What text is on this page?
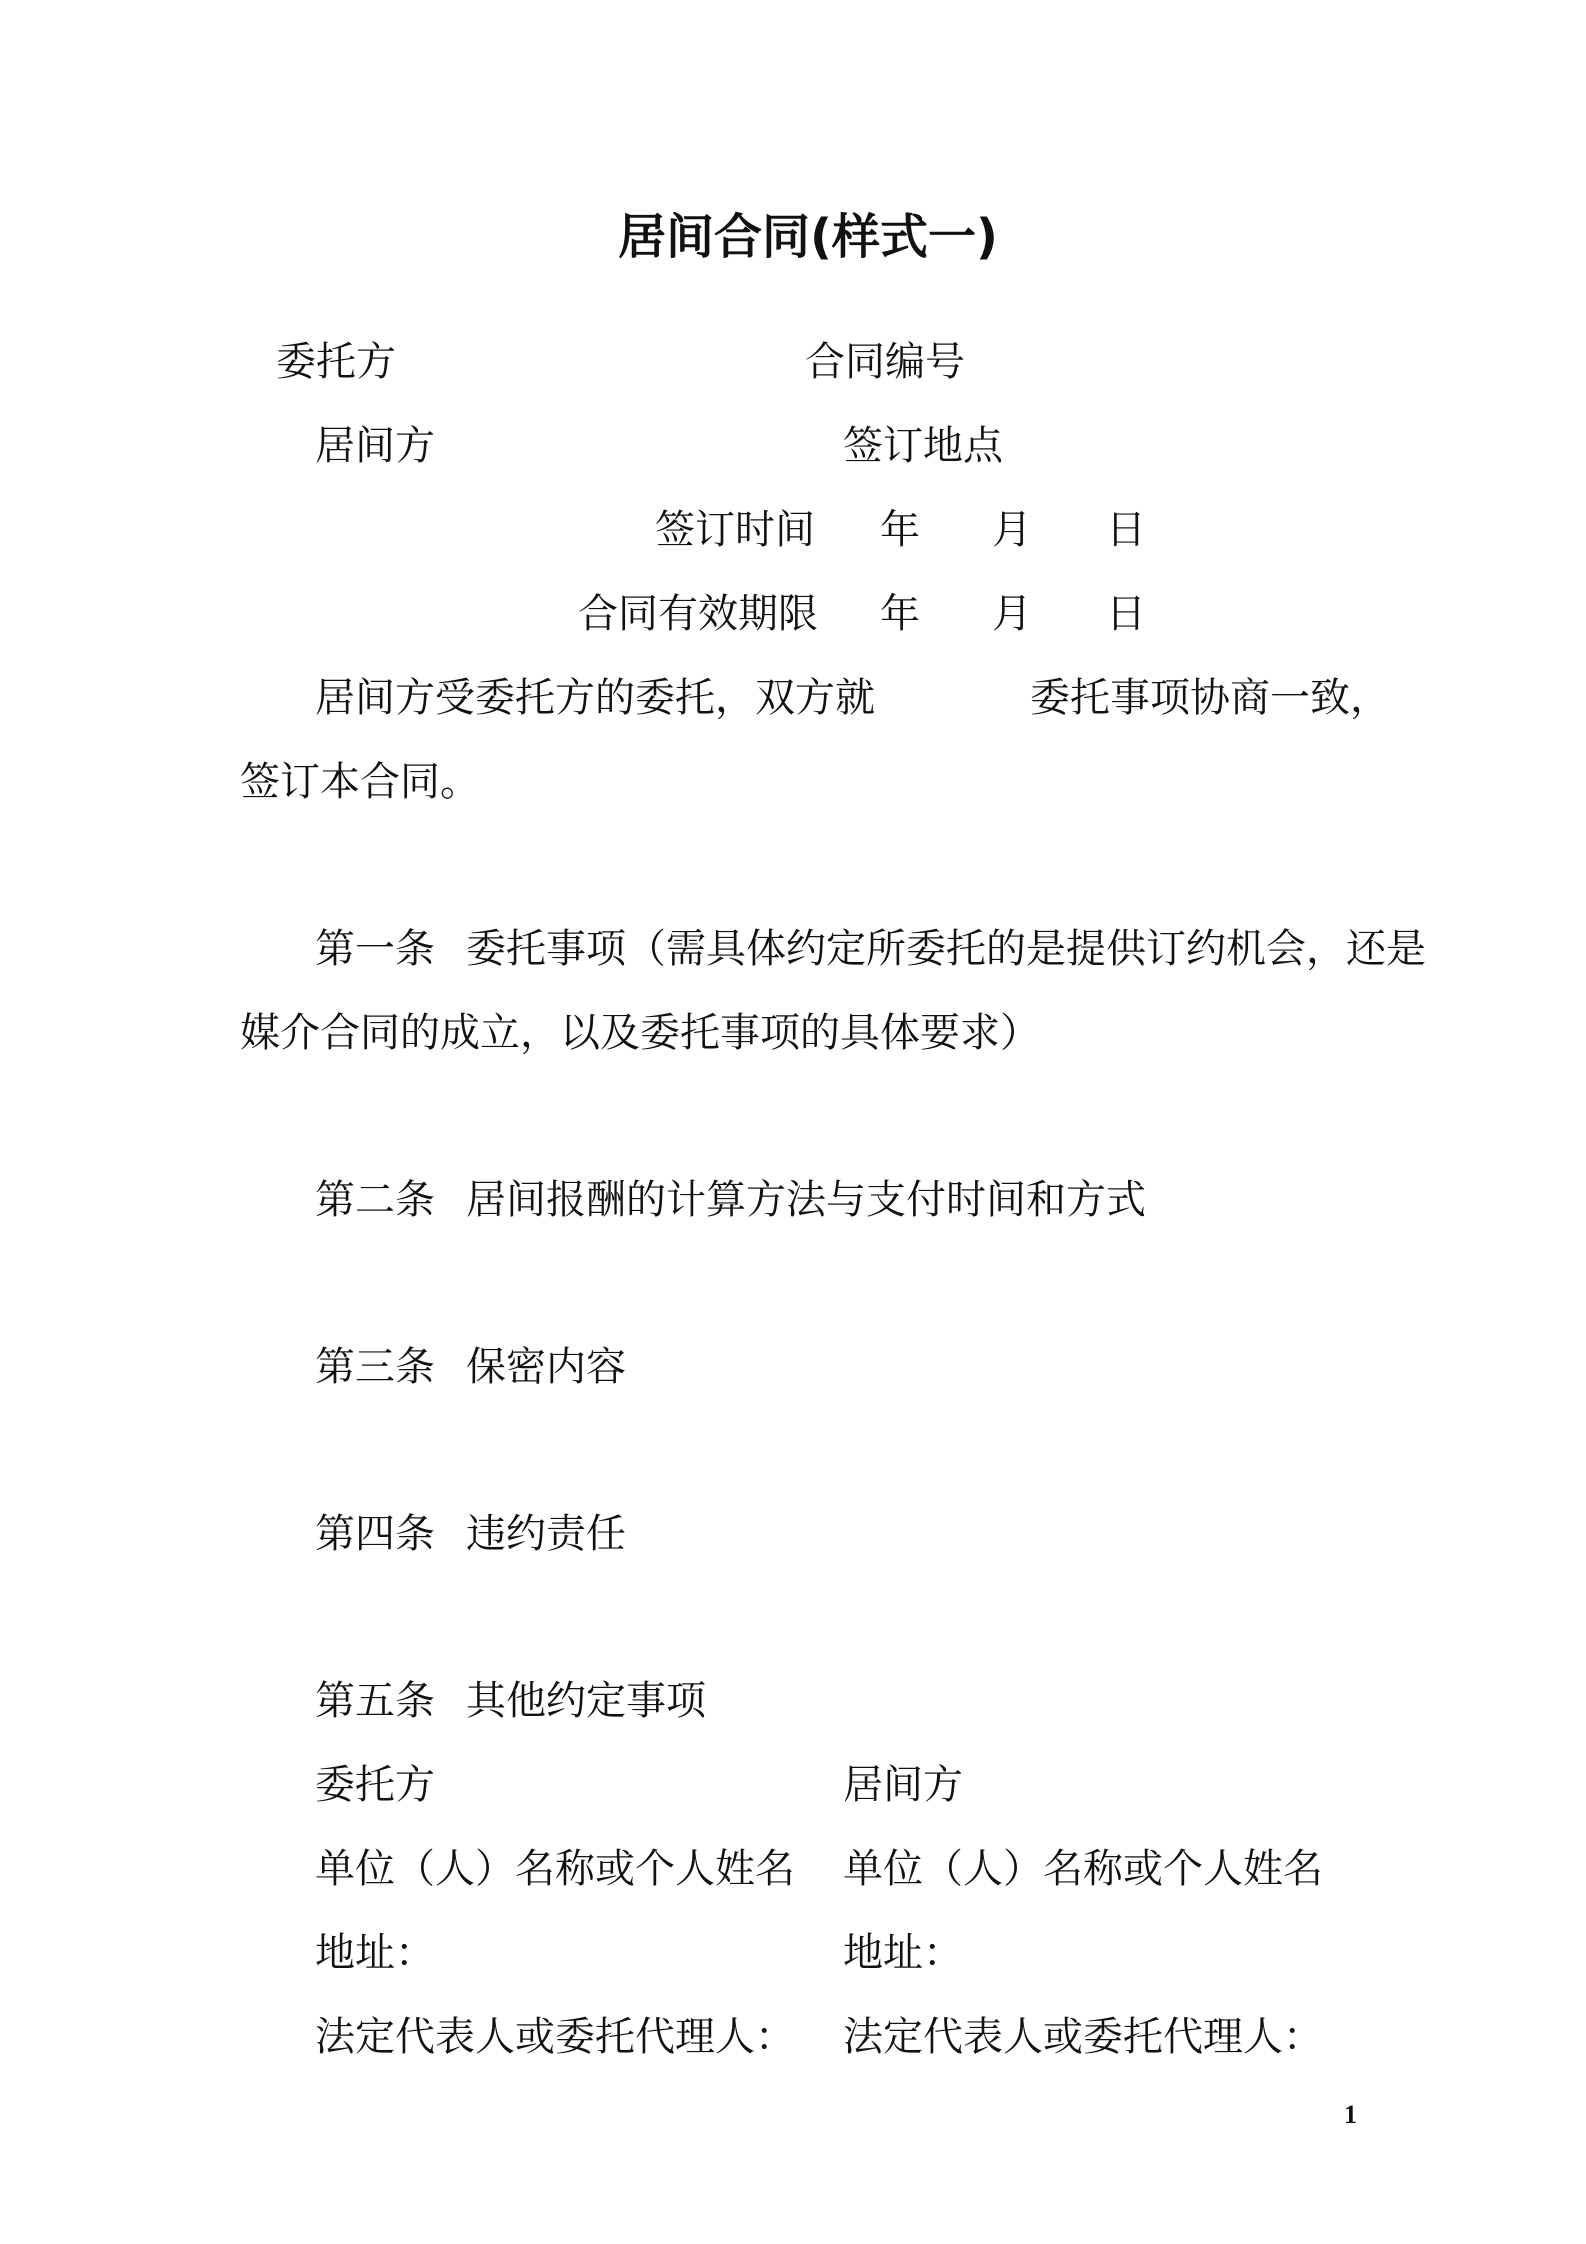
居间合同(样式一)
委托方	合同编号
居间方	签订地点
签订时间 年 月 日
合同有效期限 年 月 日
居间方受委托方的委托，双方就	委托事项协商一致，
签订本合同。
第一条 委托事项（需具体约定所委托的是提供订约机会，还是
媒介合同的成立，以及委托事项的具体要求）
第二条 居间报酬的计算方法与支付时间和方式
第三条 保密内容
第四条 违约责任
第五条 其他约定事项
委托方	居间方
单位（人）名称或个人姓名 单位（人）名称或个人姓名
地址：	地址：
法定代表人或委托代理人： 法定代表人或委托代理人：
1
